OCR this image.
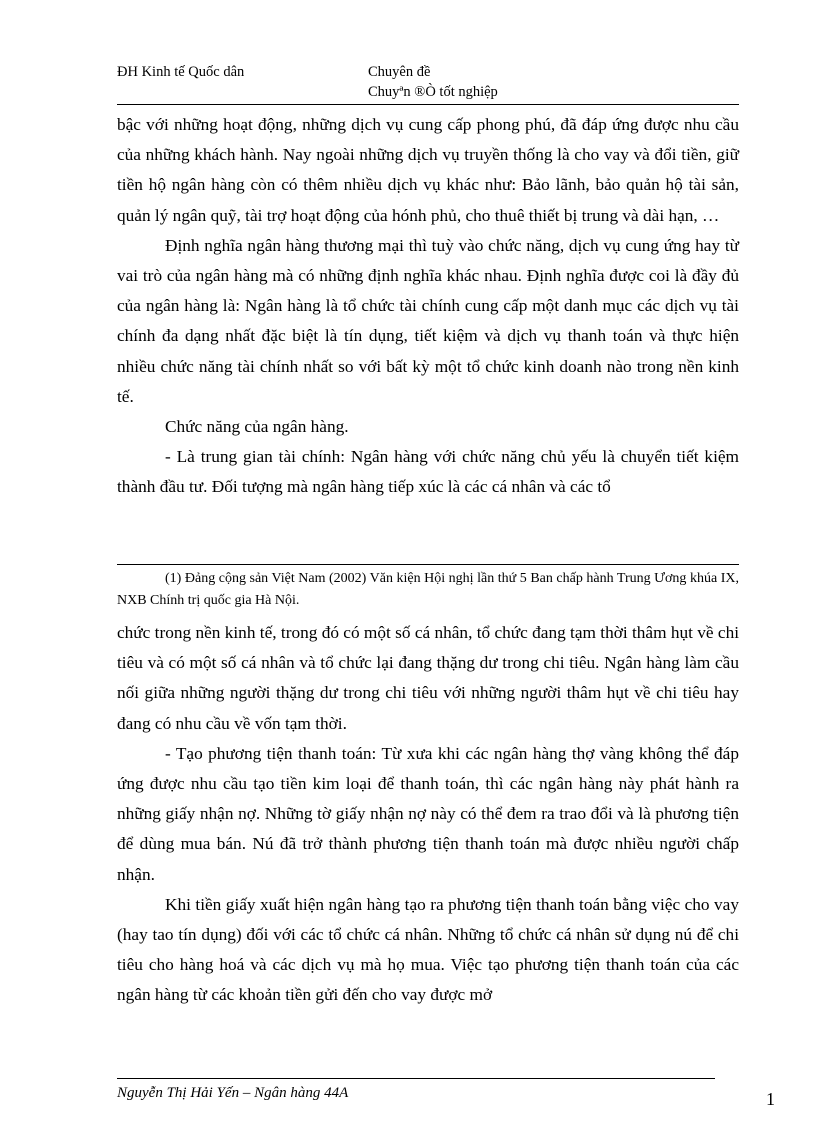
ĐH Kinh tế Quốc dân	Chuyên đề
Chuyªn ®Ò tốt nghiệp

bậc với những hoạt động, những dịch vụ cung cấp phong phú, đã đáp ứng được nhu cầu của những khách hành. Nay ngoài những dịch vụ truyền thống là cho vay và đổi tiền, giữ tiền hộ ngân hàng còn có thêm nhiều dịch vụ khác như: Bảo lãnh, bảo quản hộ tài sản, quản lý ngân quỹ, tài trợ hoạt động của hónh phủ, cho thuê thiết bị trung và dài hạn, …

Định nghĩa ngân hàng thương mại thì tuỳ vào chức năng, dịch vụ cung ứng hay từ vai trò của ngân hàng mà có những định nghĩa khác nhau. Định nghĩa được coi là đầy đủ của ngân hàng là: Ngân hàng là tổ chức tài chính cung cấp một danh mục các dịch vụ tài chính đa dạng nhất đặc biệt là tín dụng, tiết kiệm và dịch vụ thanh toán và thực hiện nhiều chức năng tài chính nhất so với bất kỳ một tổ chức kinh doanh nào trong nền kinh tế.

Chức năng của ngân hàng.

- Là trung gian tài chính: Ngân hàng với chức năng chủ yếu là chuyển tiết kiệm thành đầu tư. Đối tượng mà ngân hàng tiếp xúc là các cá nhân và các tổ

(1) Đảng cộng sản Việt Nam (2002) Văn kiện Hội nghị lần thứ 5 Ban chấp hành Trung Ương khúa IX, NXB Chính trị quốc gia Hà Nội.

chức trong nền kinh tế, trong đó có một số cá nhân, tổ chức đang tạm thời thâm hụt về chi tiêu và có một số cá nhân và tổ chức lại đang thặng dư trong chi tiêu. Ngân hàng làm cầu nối giữa những người thặng dư trong chi tiêu với những người thâm hụt về chi tiêu hay đang có nhu cầu về vốn tạm thời.

- Tạo phương tiện thanh toán: Từ xưa khi các ngân hàng thợ vàng không thể đáp ứng được nhu cầu tạo tiền kim loại để thanh toán, thì các ngân hàng này phát hành ra những giấy nhận nợ. Những tờ giấy nhận nợ này có thể đem ra trao đổi và là phương tiện để dùng mua bán. Nú đã trở thành phương tiện thanh toán mà được nhiều người chấp nhận.

Khi tiền giấy xuất hiện ngân hàng tạo ra phương tiện thanh toán bằng việc cho vay (hay tao tín dụng) đối với các tổ chức cá nhân. Những tổ chức cá nhân sử dụng nú để chi tiêu cho hàng hoá và các dịch vụ mà họ mua. Việc tạo phương tiện thanh toán của các ngân hàng từ các khoản tiền gửi đến cho vay được mở

Nguyễn Thị Hải Yến – Ngân hàng 44A	1
